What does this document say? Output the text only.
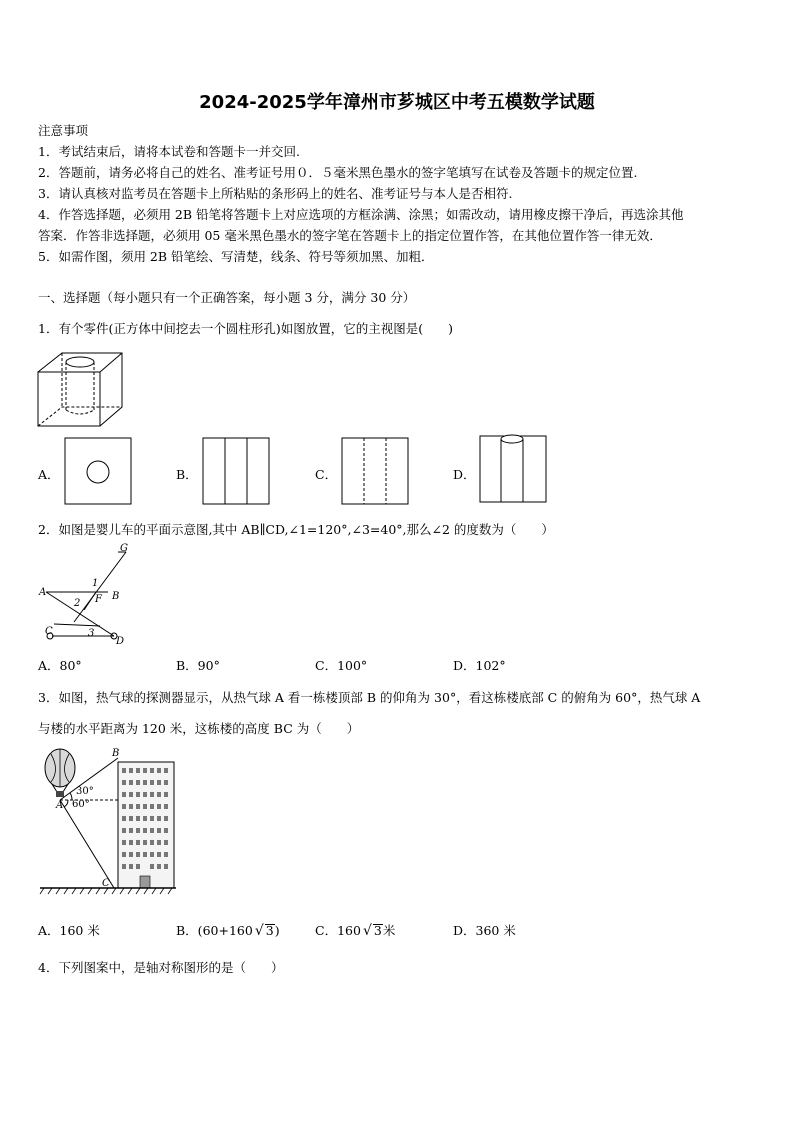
2024-2025学年漳州市芗城区中考五模数学试题
注意事项
1．考试结束后，请将本试卷和答题卡一并交回.
2．答题前，请务必将自己的姓名、准考证号用０．５毫米黑色墨水的签字笔填写在试卷及答题卡的规定位置.
3．请认真核对监考员在答题卡上所粘贴的条形码上的姓名、准考证号与本人是否相符.
4．作答选择题，必须用 2B 铅笔将答题卡上对应选项的方框涂满、涂黑；如需改动，请用橡皮擦干净后，再选涂其他
答案．作答非选择题，必须用 05 毫米黑色墨水的签字笔在答题卡上的指定位置作答，在其他位置作答一律无效．
5．如需作图，须用 2B 铅笔绘、写清楚，线条、符号等须加黑、加粗．
一、选择题（每小题只有一个正确答案，每小题 3 分，满分 30 分）
1．有个零件(正方体中间挖去一个圆柱形孔)如图放置，它的主视图是(　　)
A．	B．	C．	D．
2．如图是婴儿车的平面示意图,其中 AB∥CD,∠1=120°,∠3=40°,那么∠2 的度数为（　　）
G
1
A
F B
2
C	3
D
A．80°	B．90°	C．100°	D．102°
3．如图，热气球的探测器显示，从热气球 A 看一栋楼顶部 B 的仰角为 30°，看这栋楼底部 C 的俯角为 60°，热气球 A
与楼的水平距离为 120 米，这栋楼的高度 BC 为（　　）
B
A
C
30°
60°
A．160 米	B．(60+160 √ 3)	C．160 √ 3米	D．360 米
4．下列图案中，是轴对称图形的是（　　）
